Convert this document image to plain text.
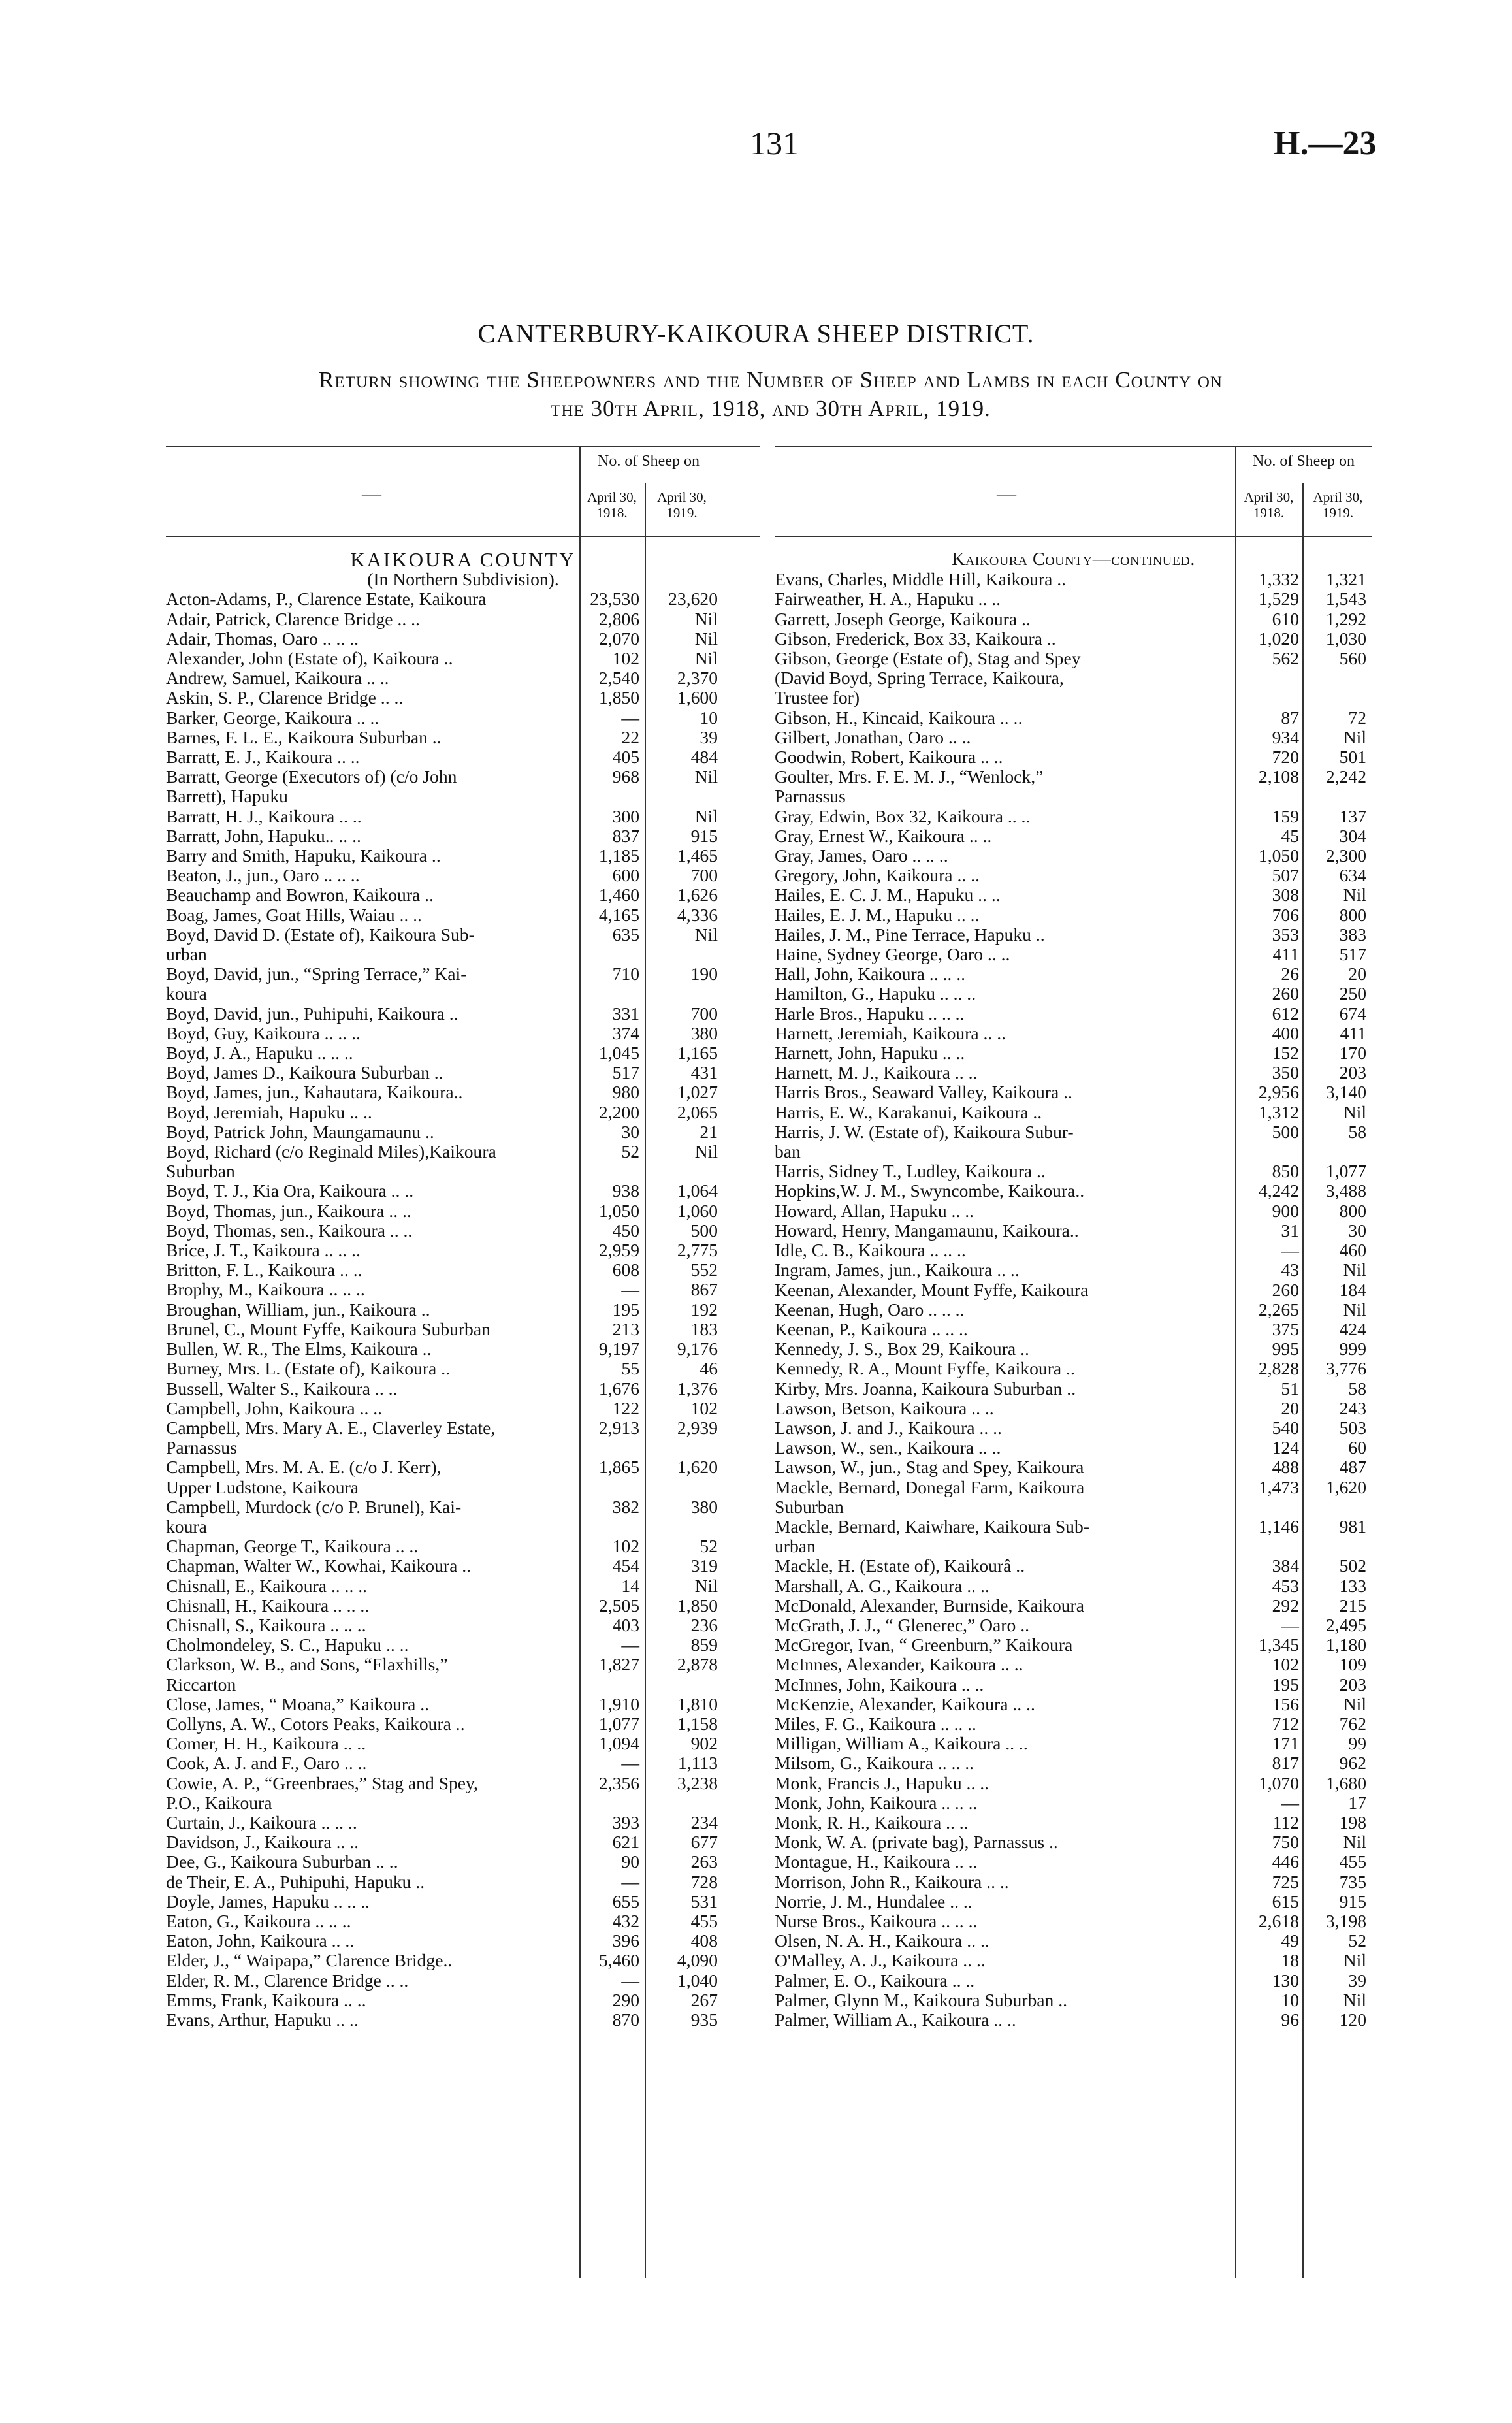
131	H.—23
CANTERBURY-KAIKOURA SHEEP DISTRICT.
Return showing the Sheepowners and the Number of Sheep and Lambs in each County on
the 30th April, 1918, and 30th April, 1919.
—
No. of Sheep on
April 30, 1918.
April 30, 1919.
KAIKOURA COUNTY
(In Northern Subdivision).
Acton-Adams, P., Clarence Estate, Kaikoura	23,530	23,620
Adair, Patrick, Clarence Bridge .. ..	2,806	Nil
Adair, Thomas, Oaro .. .. ..	2,070	Nil
Alexander, John (Estate of), Kaikoura ..	102	Nil
Andrew, Samuel, Kaikoura .. ..	2,540	2,370
Askin, S. P., Clarence Bridge .. ..	1,850	1,600
Barker, George, Kaikoura .. ..	—	10
Barnes, F. L. E., Kaikoura Suburban ..	22	39
Barratt, E. J., Kaikoura .. ..	405	484
Barratt, George (Executors of) (c/o John	968	Nil
Barrett), Hapuku
Barratt, H. J., Kaikoura .. ..	300	Nil
Barratt, John, Hapuku.. .. ..	837	915
Barry and Smith, Hapuku, Kaikoura ..	1,185	1,465
Beaton, J., jun., Oaro .. .. ..	600	700
Beauchamp and Bowron, Kaikoura ..	1,460	1,626
Boag, James, Goat Hills, Waiau .. ..	4,165	4,336
Boyd, David D. (Estate of), Kaikoura Sub-	635	Nil
urban
Boyd, David, jun., “Spring Terrace,” Kai-	710	190
koura
Boyd, David, jun., Puhipuhi, Kaikoura ..	331	700
Boyd, Guy, Kaikoura .. .. ..	374	380
Boyd, J. A., Hapuku .. .. ..	1,045	1,165
Boyd, James D., Kaikoura Suburban ..	517	431
Boyd, James, jun., Kahautara, Kaikoura..	980	1,027
Boyd, Jeremiah, Hapuku .. ..	2,200	2,065
Boyd, Patrick John, Maungamaunu ..	30	21
Boyd, Richard (c/o Reginald Miles),Kaikoura	52	Nil
Suburban
Boyd, T. J., Kia Ora, Kaikoura .. ..	938	1,064
Boyd, Thomas, jun., Kaikoura .. ..	1,050	1,060
Boyd, Thomas, sen., Kaikoura .. ..	450	500
Brice, J. T., Kaikoura .. .. ..	2,959	2,775
Britton, F. L., Kaikoura .. ..	608	552
Brophy, M., Kaikoura .. .. ..	—	867
Broughan, William, jun., Kaikoura ..	195	192
Brunel, C., Mount Fyffe, Kaikoura Suburban	213	183
Bullen, W. R., The Elms, Kaikoura ..	9,197	9,176
Burney, Mrs. L. (Estate of), Kaikoura ..	55	46
Bussell, Walter S., Kaikoura .. ..	1,676	1,376
Campbell, John, Kaikoura .. ..	122	102
Campbell, Mrs. Mary A. E., Claverley Estate,	2,913	2,939
Parnassus
Campbell, Mrs. M. A. E. (c/o J. Kerr),	1,865	1,620
Upper Ludstone, Kaikoura
Campbell, Murdock (c/o P. Brunel), Kai-	382	380
koura
Chapman, George T., Kaikoura .. ..	102	52
Chapman, Walter W., Kowhai, Kaikoura ..	454	319
Chisnall, E., Kaikoura .. .. ..	14	Nil
Chisnall, H., Kaikoura .. .. ..	2,505	1,850
Chisnall, S., Kaikoura .. .. ..	403	236
Cholmondeley, S. C., Hapuku .. ..	—	859
Clarkson, W. B., and Sons, “Flaxhills,”	1,827	2,878
Riccarton
Close, James, “ Moana,” Kaikoura ..	1,910	1,810
Collyns, A. W., Cotors Peaks, Kaikoura ..	1,077	1,158
Comer, H. H., Kaikoura .. ..	1,094	902
Cook, A. J. and F., Oaro .. ..	—	1,113
Cowie, A. P., “Greenbraes,” Stag and Spey,	2,356	3,238
P.O., Kaikoura
Curtain, J., Kaikoura .. .. ..	393	234
Davidson, J., Kaikoura .. ..	621	677
Dee, G., Kaikoura Suburban .. ..	90	263
de Their, E. A., Puhipuhi, Hapuku ..	—	728
Doyle, James, Hapuku .. .. ..	655	531
Eaton, G., Kaikoura .. .. ..	432	455
Eaton, John, Kaikoura .. ..	396	408
Elder, J., “ Waipapa,” Clarence Bridge..	5,460	4,090
Elder, R. M., Clarence Bridge .. ..	—	1,040
Emms, Frank, Kaikoura .. ..	290	267
Evans, Arthur, Hapuku .. ..	870	935
—
No. of Sheep on
April 30, 1918.
April 30, 1919.
Kaikoura County—continued.
Evans, Charles, Middle Hill, Kaikoura ..	1,332	1,321
Fairweather, H. A., Hapuku .. ..	1,529	1,543
Garrett, Joseph George, Kaikoura ..	610	1,292
Gibson, Frederick, Box 33, Kaikoura ..	1,020	1,030
Gibson, George (Estate of), Stag and Spey	562	560
(David Boyd, Spring Terrace, Kaikoura,
Trustee for)
Gibson, H., Kincaid, Kaikoura .. ..	87	72
Gilbert, Jonathan, Oaro .. ..	934	Nil
Goodwin, Robert, Kaikoura .. ..	720	501
Goulter, Mrs. F. E. M. J., “Wenlock,”	2,108	2,242
Parnassus
Gray, Edwin, Box 32, Kaikoura .. ..	159	137
Gray, Ernest W., Kaikoura .. ..	45	304
Gray, James, Oaro .. .. ..	1,050	2,300
Gregory, John, Kaikoura .. ..	507	634
Hailes, E. C. J. M., Hapuku .. ..	308	Nil
Hailes, E. J. M., Hapuku .. ..	706	800
Hailes, J. M., Pine Terrace, Hapuku ..	353	383
Haine, Sydney George, Oaro .. ..	411	517
Hall, John, Kaikoura .. .. ..	26	20
Hamilton, G., Hapuku .. .. ..	260	250
Harle Bros., Hapuku .. .. ..	612	674
Harnett, Jeremiah, Kaikoura .. ..	400	411
Harnett, John, Hapuku .. ..	152	170
Harnett, M. J., Kaikoura .. ..	350	203
Harris Bros., Seaward Valley, Kaikoura ..	2,956	3,140
Harris, E. W., Karakanui, Kaikoura ..	1,312	Nil
Harris, J. W. (Estate of), Kaikoura Subur-	500	58
ban
Harris, Sidney T., Ludley, Kaikoura ..	850	1,077
Hopkins,W. J. M., Swyncombe, Kaikoura..	4,242	3,488
Howard, Allan, Hapuku .. ..	900	800
Howard, Henry, Mangamaunu, Kaikoura..	31	30
Idle, C. B., Kaikoura .. .. ..	—	460
Ingram, James, jun., Kaikoura .. ..	43	Nil
Keenan, Alexander, Mount Fyffe, Kaikoura	260	184
Keenan, Hugh, Oaro .. .. ..	2,265	Nil
Keenan, P., Kaikoura .. .. ..	375	424
Kennedy, J. S., Box 29, Kaikoura ..	995	999
Kennedy, R. A., Mount Fyffe, Kaikoura ..	2,828	3,776
Kirby, Mrs. Joanna, Kaikoura Suburban ..	51	58
Lawson, Betson, Kaikoura .. ..	20	243
Lawson, J. and J., Kaikoura .. ..	540	503
Lawson, W., sen., Kaikoura .. ..	124	60
Lawson, W., jun., Stag and Spey, Kaikoura	488	487
Mackle, Bernard, Donegal Farm, Kaikoura	1,473	1,620
Suburban
Mackle, Bernard, Kaiwhare, Kaikoura Sub-	1,146	981
urban
Mackle, H. (Estate of), Kaikourâ ..	384	502
Marshall, A. G., Kaikoura .. ..	453	133
McDonald, Alexander, Burnside, Kaikoura	292	215
McGrath, J. J., “ Glenerec,” Oaro ..	—	2,495
McGregor, Ivan, “ Greenburn,” Kaikoura	1,345	1,180
McInnes, Alexander, Kaikoura .. ..	102	109
McInnes, John, Kaikoura .. ..	195	203
McKenzie, Alexander, Kaikoura .. ..	156	Nil
Miles, F. G., Kaikoura .. .. ..	712	762
Milligan, William A., Kaikoura .. ..	171	99
Milsom, G., Kaikoura .. .. ..	817	962
Monk, Francis J., Hapuku .. ..	1,070	1,680
Monk, John, Kaikoura .. .. ..	—	17
Monk, R. H., Kaikoura .. ..	112	198
Monk, W. A. (private bag), Parnassus ..	750	Nil
Montague, H., Kaikoura .. ..	446	455
Morrison, John R., Kaikoura .. ..	725	735
Norrie, J. M., Hundalee .. ..	615	915
Nurse Bros., Kaikoura .. .. ..	2,618	3,198
Olsen, N. A. H., Kaikoura .. ..	49	52
O'Malley, A. J., Kaikoura .. ..	18	Nil
Palmer, E. O., Kaikoura .. ..	130	39
Palmer, Glynn M., Kaikoura Suburban ..	10	Nil
Palmer, William A., Kaikoura .. ..	96	120
